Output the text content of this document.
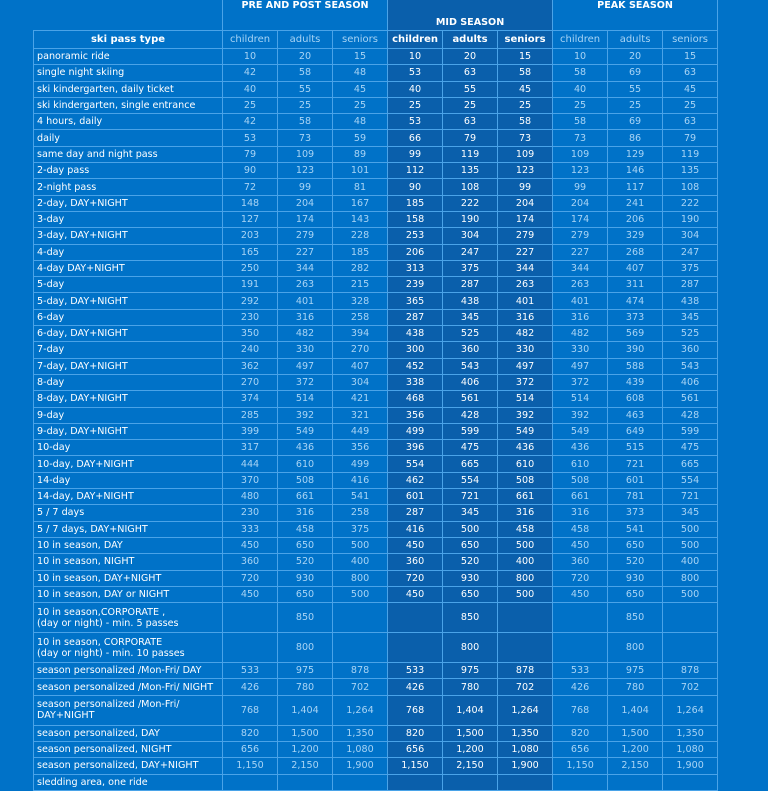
	PRE AND POST SEASON			MID SEASON			PEAK SEASON		
ski pass type	children	adults	seniors	children	adults	seniors	children	adults	seniors
panoramic ride	10	20	15	10	20	15	10	20	15
single night skiing	42	58	48	53	63	58	58	69	63
ski kindergarten, daily ticket	40	55	45	40	55	45	40	55	45
ski kindergarten, single entrance	25	25	25	25	25	25	25	25	25
4 hours, daily	42	58	48	53	63	58	58	69	63
daily	53	73	59	66	79	73	73	86	79
same day and night pass	79	109	89	99	119	109	109	129	119
2-day pass	90	123	101	112	135	123	123	146	135
2-night pass	72	99	81	90	108	99	99	117	108
2-day, DAY+NIGHT	148	204	167	185	222	204	204	241	222
3-day	127	174	143	158	190	174	174	206	190
3-day, DAY+NIGHT	203	279	228	253	304	279	279	329	304
4-day	165	227	185	206	247	227	227	268	247
4-day DAY+NIGHT	250	344	282	313	375	344	344	407	375
5-day	191	263	215	239	287	263	263	311	287
5-day, DAY+NIGHT	292	401	328	365	438	401	401	474	438
6-day	230	316	258	287	345	316	316	373	345
6-day, DAY+NIGHT	350	482	394	438	525	482	482	569	525
7-day	240	330	270	300	360	330	330	390	360
7-day, DAY+NIGHT	362	497	407	452	543	497	497	588	543
8-day	270	372	304	338	406	372	372	439	406
8-day, DAY+NIGHT	374	514	421	468	561	514	514	608	561
9-day	285	392	321	356	428	392	392	463	428
9-day, DAY+NIGHT	399	549	449	499	599	549	549	649	599
10-day	317	436	356	396	475	436	436	515	475
10-day, DAY+NIGHT	444	610	499	554	665	610	610	721	665
14-day	370	508	416	462	554	508	508	601	554
14-day, DAY+NIGHT	480	661	541	601	721	661	661	781	721
5 / 7 days	230	316	258	287	345	316	316	373	345
5 / 7 days, DAY+NIGHT	333	458	375	416	500	458	458	541	500
10 in season, DAY	450	650	500	450	650	500	450	650	500
10 in season, NIGHT	360	520	400	360	520	400	360	520	400
10 in season, DAY+NIGHT	720	930	800	720	930	800	720	930	800
10 in season, DAY or NIGHT	450	650	500	450	650	500	450	650	500
10 in season,CORPORATE ,
(day or night) - min. 5 passes		850			850			850	
10 in season, CORPORATE
(day or night) - min. 10 passes		800			800			800	
season personalized /Mon-Fri/ DAY	533	975	878	533	975	878	533	975	878
season personalized /Mon-Fri/ NIGHT	426	780	702	426	780	702	426	780	702
season personalized /Mon-Fri/
DAY+NIGHT	768	1,404	1,264	768	1,404	1,264	768	1,404	1,264
season personalized, DAY	820	1,500	1,350	820	1,500	1,350	820	1,500	1,350
season personalized, NIGHT	656	1,200	1,080	656	1,200	1,080	656	1,200	1,080
season personalized, DAY+NIGHT	1,150	2,150	1,900	1,150	2,150	1,900	1,150	2,150	1,900
sledding area, one ride									
